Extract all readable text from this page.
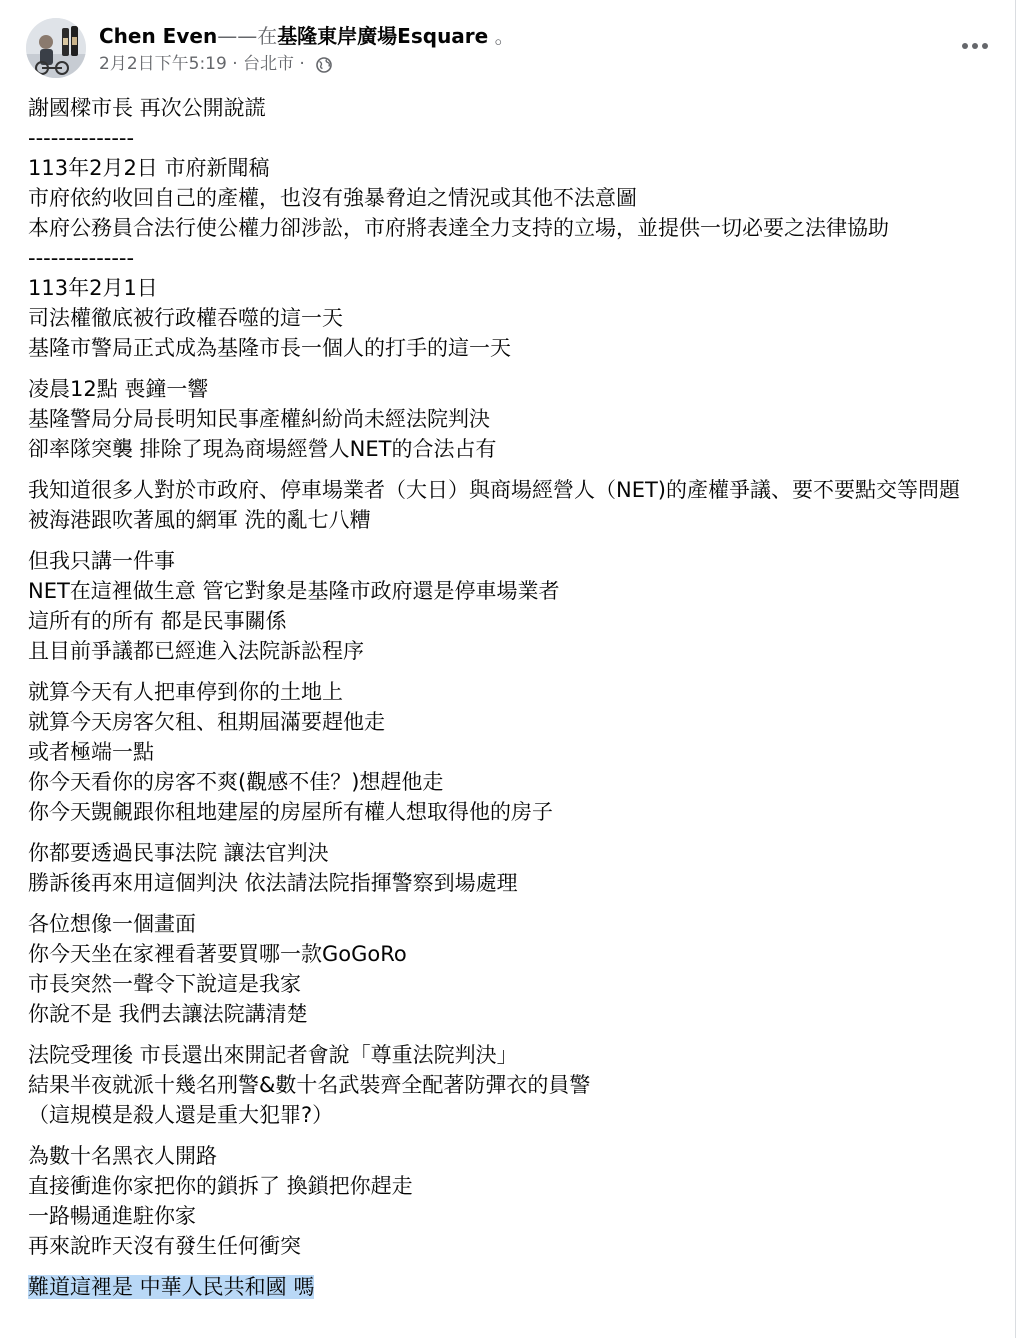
Chen Even——在基隆東岸廣場Esquare 。
2月2日下午5:19 · 台北市 ·
謝國樑市長 再次公開說謊
--------------
113年2月2日 市府新聞稿
市府依約收回自己的產權，也沒有強暴脅迫之情況或其他不法意圖
本府公務員合法行使公權力卻涉訟，市府將表達全力支持的立場，並提供一切必要之法律協助
--------------
113年2月1日
司法權徹底被行政權吞噬的這一天
基隆市警局正式成為基隆市長一個人的打手的這一天
凌晨12點 喪鐘一響
基隆警局分局長明知民事產權糾紛尚未經法院判決
卻率隊突襲 排除了現為商場經營人NET的合法占有
我知道很多人對於市政府、停車場業者（大日）與商場經營人（NET)的產權爭議、要不要點交等問題
被海港跟吹著風的網軍 洗的亂七八糟
但我只講一件事
NET在這裡做生意 管它對象是基隆市政府還是停車場業者
這所有的所有 都是民事關係
且目前爭議都已經進入法院訴訟程序
就算今天有人把車停到你的土地上
就算今天房客欠租、租期屆滿要趕他走
或者極端一點
你今天看你的房客不爽(觀感不佳？)想趕他走
你今天覬覦跟你租地建屋的房屋所有權人想取得他的房子
你都要透過民事法院 讓法官判決
勝訴後再來用這個判決 依法請法院指揮警察到場處理
各位想像一個畫面
你今天坐在家裡看著要買哪一款GoGoRo
市長突然一聲令下說這是我家
你說不是 我們去讓法院講清楚
法院受理後 市長還出來開記者會說「尊重法院判決」
結果半夜就派十幾名刑警&數十名武裝齊全配著防彈衣的員警
（這規模是殺人還是重大犯罪?）
為數十名黑衣人開路
直接衝進你家把你的鎖拆了 換鎖把你趕走
一路暢通進駐你家
再來說昨天沒有發生任何衝突
難道這裡是 中華人民共和國 嗎
